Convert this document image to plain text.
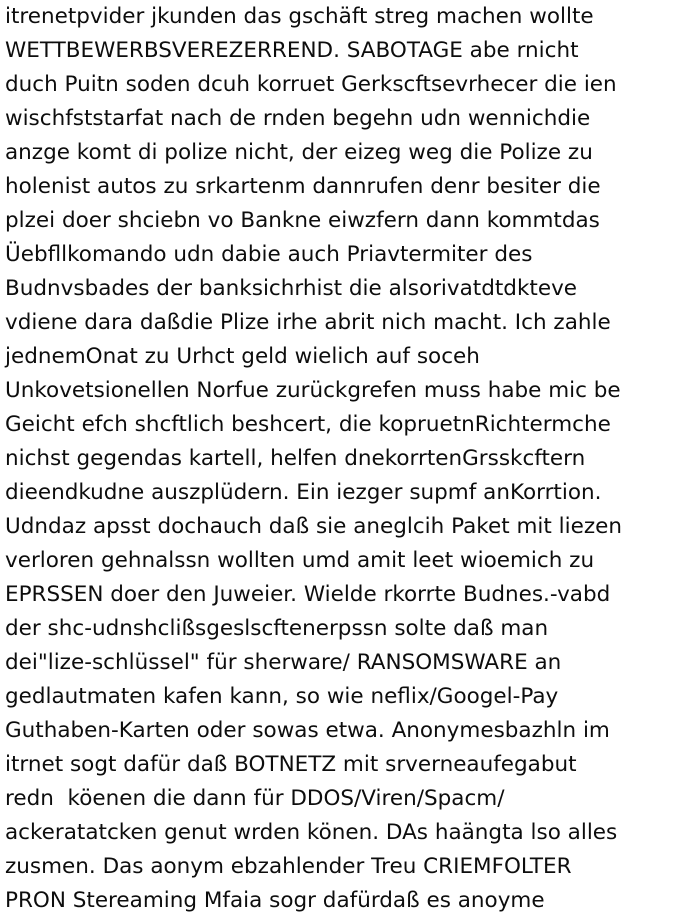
itrenetpvider jkunden das gschäft streg machen wollte
WETTBEWERBSVEREZERREND. SABOTAGE abe rnicht
duch Puitn soden dcuh korruet Gerkscftsevrhecer die ien
wischfststarfat nach de rnden begehn udn wennichdie
anzge komt di polize nicht, der eizeg weg die Polize zu
holenist autos zu srkartenm dannrufen denr besiter die
plzei doer shciebn vo Bankne eiwzfern dann kommtdas
Üebfllkomando udn dabie auch Priavtermiter des
Budnvsbades der banksichrhist die alsorivatdtdkteve
vdiene dara daßdie Plize irhe abrit nich macht. Ich zahle
jednemOnat zu Urhct geld wielich auf soceh
Unkovetsionellen Norfue zurückgrefen muss habe mic be
Geicht efch shcftlich beshcert, die kopruetnRichtermche
nichst gegendas kartell, helfen dnekorrtenGrsskcftern
dieendkudne auszplüdern. Ein iezger supmf anKorrtion.
Udndaz apsst dochauch daß sie aneglcih Paket mit liezen
verloren gehnalssn wollten umd amit leet wioemich zu
EPRSSEN doer den Juweier. Wielde rkorrte Budnes.-vabd
der shc-udnshclißsgeslscftenerpssn solte daß man
dei"lize-schlüssel" für sherware/ RANSOMSWARE an
gedlautmaten kafen kann, so wie neflix/Googel-Pay
Guthaben-Karten oder sowas etwa. Anonymesbazhln im
itrnet sogt dafür daß BOTNETZ mit srverneaufegabut
redn  köenen die dann für DDOS/Viren/Spacm/
ackeratatcken genut wrden könen. DAs haängta lso alles
zusmen. Das aonym ebzahlender Treu CRIEMFOLTER
PRON Stereaming Mfaia sogr dafürdaß es anoyme
